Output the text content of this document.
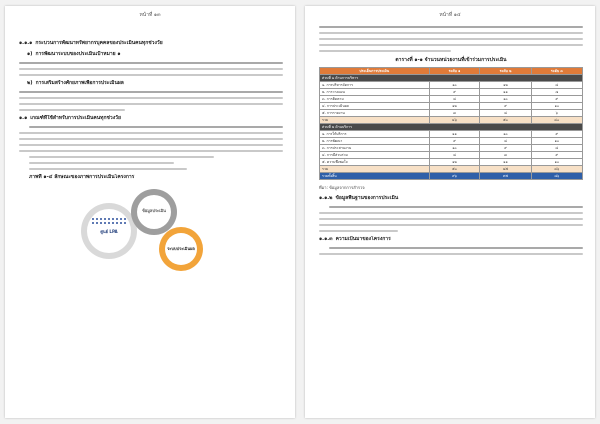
หน้าที่ ๑๓
๑.๑.๑ กระบวนการพัฒนาทรัพยากรบุคคลของประเมินคนทุกช่วงวัย
๑) การพัฒนาระบบของประเมินเป้าหมาย ๑
๒) การเสริมสร้างศักยภาพเพื่อการประเมินผล
๑.๑ เกณฑ์ที่ใช้สำหรับการประเมินคนทุกช่วงวัย
ภาพที่ ๑-๔ ลักษณะของภาพการประเมินโครงการ
ศูนย์ LPA
ข้อมูลประเมิน
ระบบประเมินผล
หน้าที่ ๑๔
ตารางที่ ๑-๑ จำนวนหน่วยงานที่เข้าร่วมการประเมิน
ประเด็นการประเมิน	ระดับ ๑	ระดับ ๒	ระดับ ๓
ส่วนที่ ๑ ด้านการบริหาร			
๑. การบริหารจัดการ	๑๐	๑๒	๘
๒. การวางแผน	๙	๑๑	๗
๓. การติดตาม	๘	๑๐	๙
๔. การประเมินผล	๑๒	๙	๑๐
๕. การรายงาน	๗	๘	๖
รวม	๔๖	๕๐	๔๐
ส่วนที่ ๒ ด้านบริการ			
๑. การให้บริการ	๑๑	๑๐	๙
๒. การพัฒนา	๙	๘	๑๐
๓. การประสานงาน	๑๐	๙	๘
๔. การมีส่วนร่วม	๘	๗	๙
๕. ความพึงพอใจ	๑๒	๑๑	๑๐
รวม	๕๐	๔๕	๔๖
รวมทั้งสิ้น	๙๖	๙๕	๘๖
ที่มา: ข้อมูลจากการสำรวจ
๑.๑.๒ ข้อมูลพื้นฐานของการประเมิน
๑.๑.๓ ความเป็นมาของโครงการ
